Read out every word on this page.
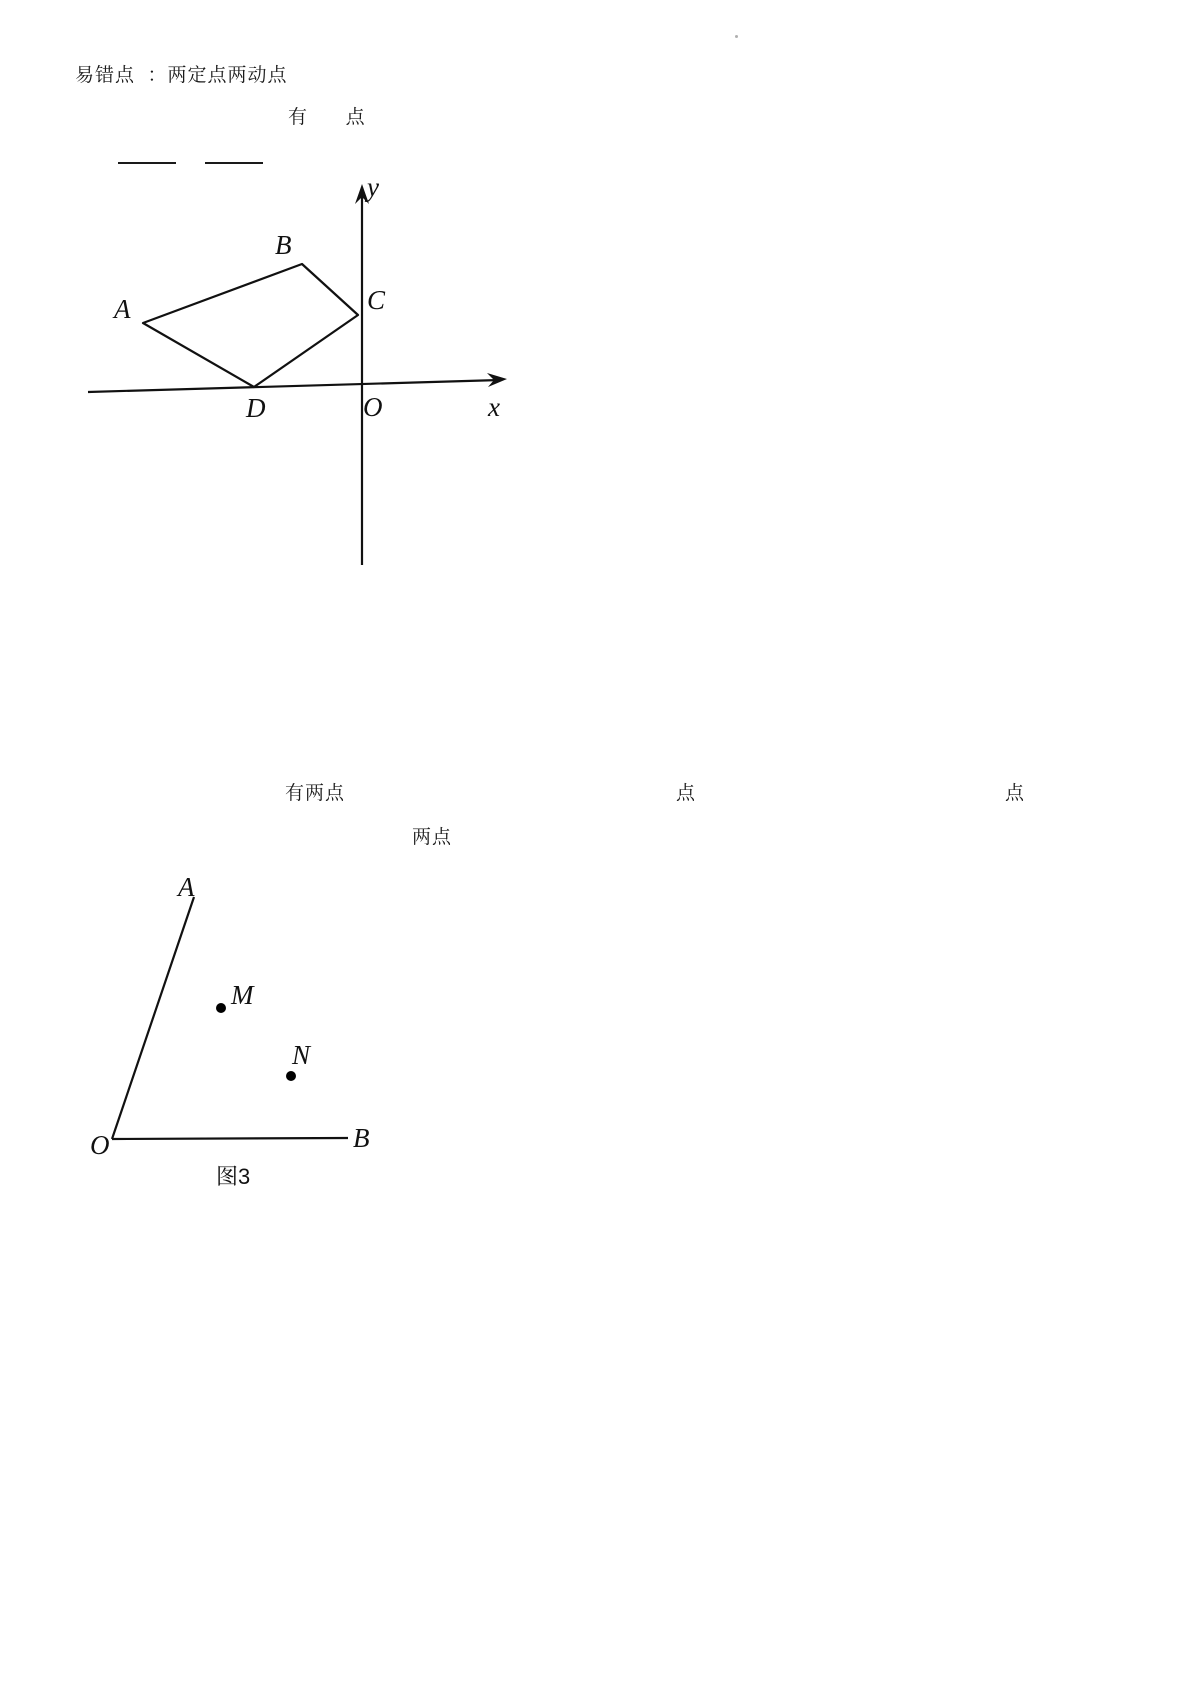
易错点  ：两定点两动点
有      点
y
x
O
A
B
C
D
有两点	点	点
两点
A
B
O
M
N
图3
